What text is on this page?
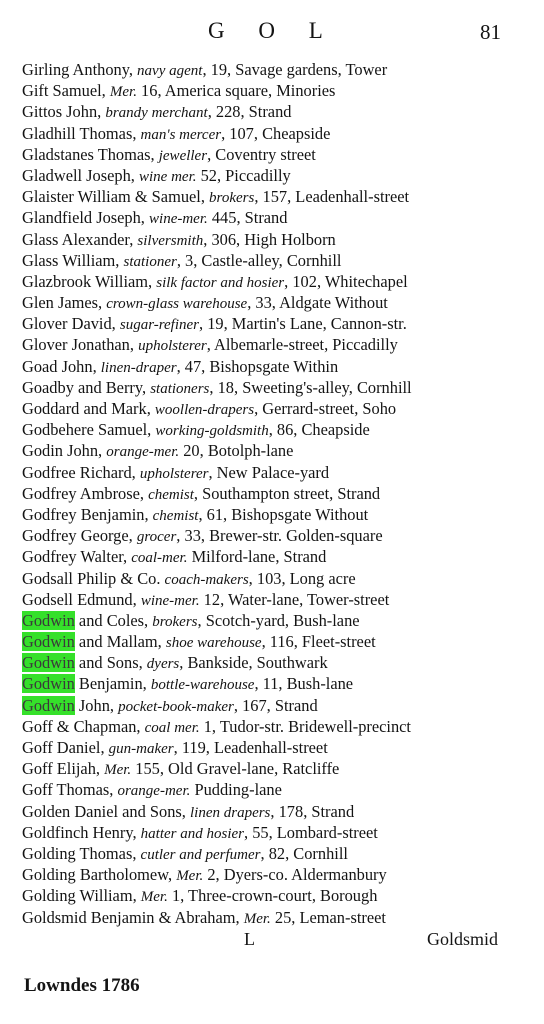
G O L	81
Girling Anthony, navy agent, 19, Savage gardens, Tower
Gift Samuel, Mer. 16, America square, Minories
Gittos John, brandy merchant, 228, Strand
Gladhill Thomas, man's mercer, 107, Cheapside
Gladstanes Thomas, jeweller, Coventry street
Gladwell Joseph, wine mer. 52, Piccadilly
Glaister William & Samuel, brokers, 157, Leadenhall-street
Glandfield Joseph, wine-mer. 445, Strand
Glass Alexander, silversmith, 306, High Holborn
Glass William, stationer, 3, Castle-alley, Cornhill
Glazbrook William, silk factor and hosier, 102, Whitechapel
Glen James, crown-glass warehouse, 33, Aldgate Without
Glover David, sugar-refiner, 19, Martin's Lane, Cannon-str.
Glover Jonathan, upholsterer, Albemarle-street, Piccadilly
Goad John, linen-draper, 47, Bishopsgate Within
Goadby and Berry, stationers, 18, Sweeting's-alley, Cornhill
Goddard and Mark, woollen-drapers, Gerrard-street, Soho
Godbehere Samuel, working-goldsmith, 86, Cheapside
Godin John, orange-mer. 20, Botolph-lane
Godfree Richard, upholsterer, New Palace-yard
Godfrey Ambrose, chemist, Southampton street, Strand
Godfrey Benjamin, chemist, 61, Bishopsgate Without
Godfrey George, grocer, 33, Brewer-str. Golden-square
Godfrey Walter, coal-mer. Milford-lane, Strand
Godsall Philip & Co. coach-makers, 103, Long acre
Godsell Edmund, wine-mer. 12, Water-lane, Tower-street
Godwin and Coles, brokers, Scotch-yard, Bush-lane
Godwin and Mallam, shoe warehouse, 116, Fleet-street
Godwin and Sons, dyers, Bankside, Southwark
Godwin Benjamin, bottle-warehouse, 11, Bush-lane
Godwin John, pocket-book-maker, 167, Strand
Goff & Chapman, coal mer. 1, Tudor-str. Bridewell-precinct
Goff Daniel, gun-maker, 119, Leadenhall-street
Goff Elijah, Mer. 155, Old Gravel-lane, Ratcliffe
Goff Thomas, orange-mer. Pudding-lane
Golden Daniel and Sons, linen drapers, 178, Strand
Goldfinch Henry, hatter and hosier, 55, Lombard-street
Golding Thomas, cutler and perfumer, 82, Cornhill
Golding Bartholomew, Mer. 2, Dyers-co. Aldermanbury
Golding William, Mer. 1, Three-crown-court, Borough
Goldsmid Benjamin & Abraham, Mer. 25, Leman-street
L	Goldsmid
Lowndes 1786
